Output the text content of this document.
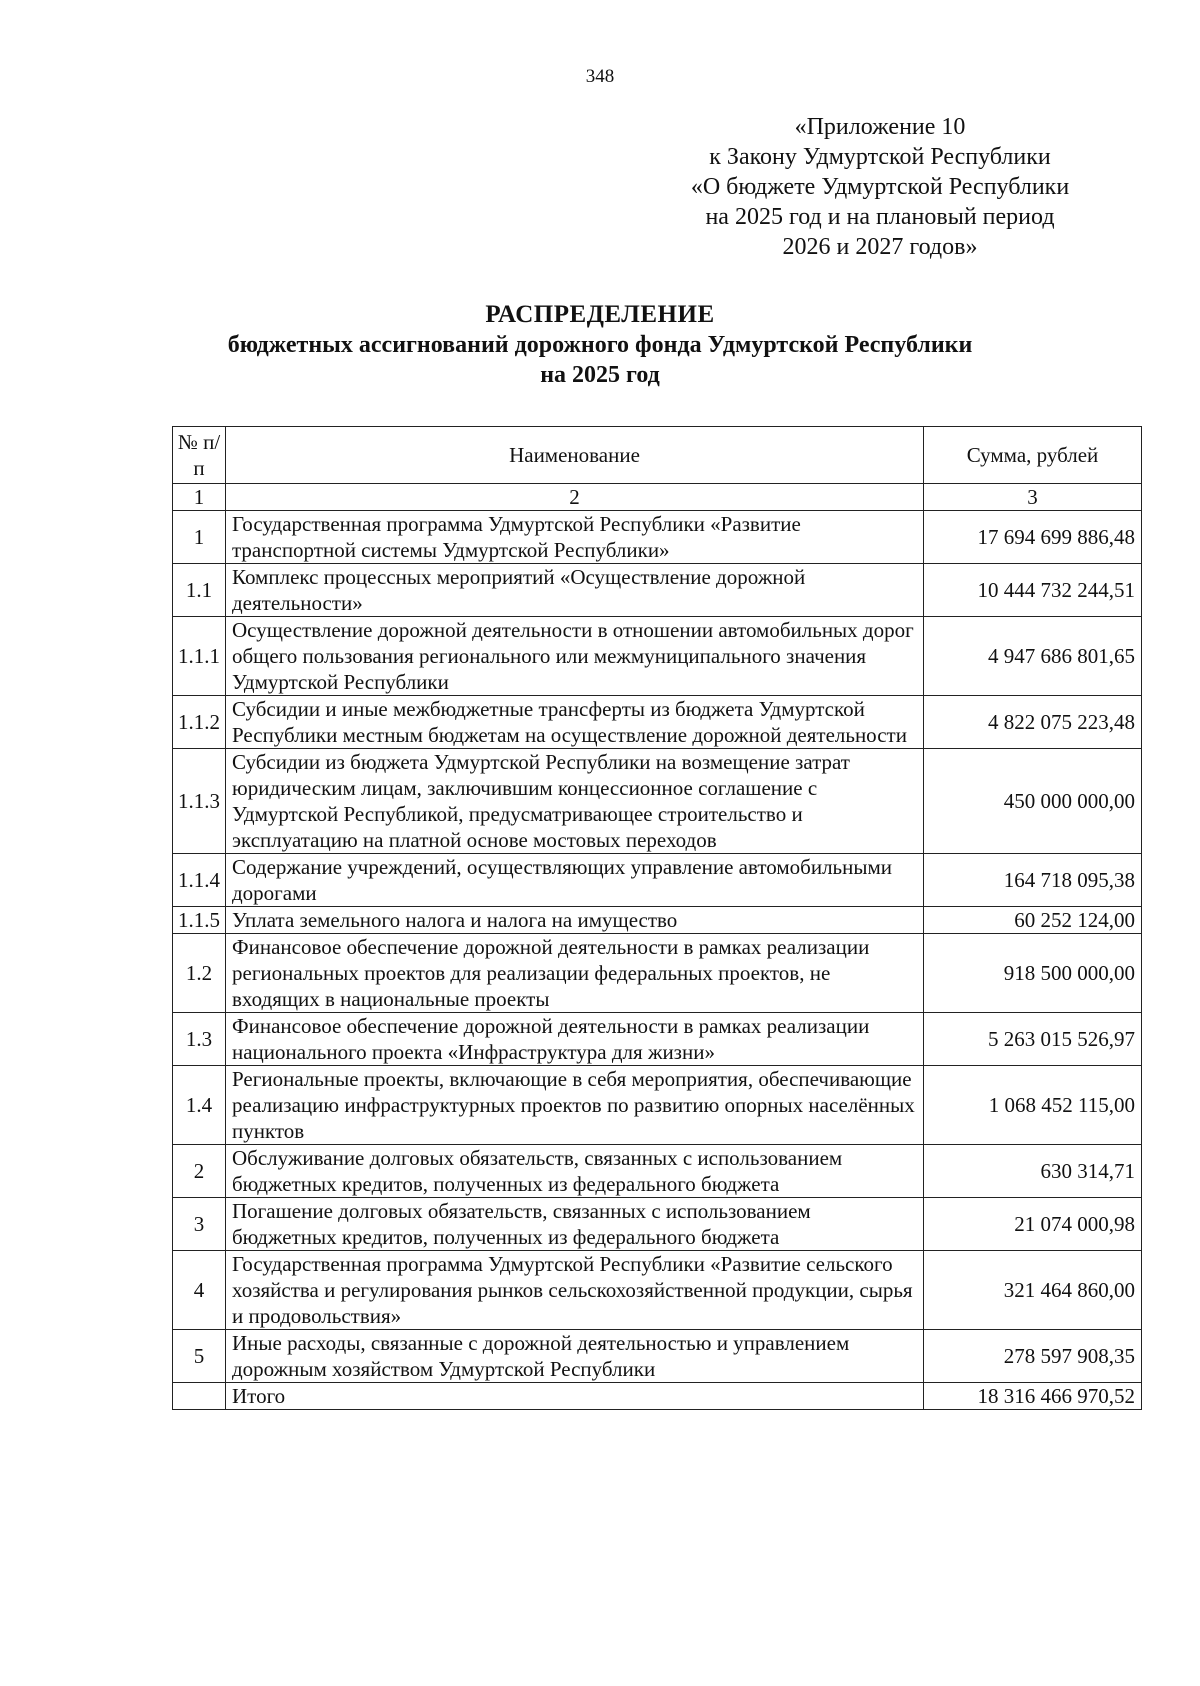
348
«Приложение 10
к Закону Удмуртской Республики
«О бюджете Удмуртской Республики
на 2025 год и на плановый период
2026 и 2027 годов»
РАСПРЕДЕЛЕНИЕ
бюджетных ассигнований дорожного фонда Удмуртской Республики
на 2025 год
№ п/п	Наименование	Сумма, рублей
1	2	3
1	Государственная программа Удмуртской Республики «Развитие транспортной системы Удмуртской Республики»	17 694 699 886,48
1.1	Комплекс процессных мероприятий «Осуществление дорожной деятельности»	10 444 732 244,51
1.1.1	Осуществление дорожной деятельности в отношении автомобильных дорог общего пользования регионального или межмуниципального значения Удмуртской Республики	4 947 686 801,65
1.1.2	Субсидии и иные межбюджетные трансферты из бюджета Удмуртской Республики местным бюджетам на осуществление дорожной деятельности	4 822 075 223,48
1.1.3	Субсидии из бюджета Удмуртской Республики на возмещение затрат юридическим лицам, заключившим концессионное соглашение с Удмуртской Республикой, предусматривающее строительство и эксплуатацию на платной основе мостовых переходов	450 000 000,00
1.1.4	Содержание учреждений, осуществляющих управление автомобильными дорогами	164 718 095,38
1.1.5	Уплата земельного налога и налога на имущество	60 252 124,00
1.2	Финансовое обеспечение дорожной деятельности в рамках реализации региональных проектов для реализации федеральных проектов, не входящих в национальные проекты	918 500 000,00
1.3	Финансовое обеспечение дорожной деятельности в рамках реализации национального проекта «Инфраструктура для жизни»	5 263 015 526,97
1.4	Региональные проекты, включающие в себя мероприятия, обеспечивающие реализацию инфраструктурных проектов по развитию опорных населённых пунктов	1 068 452 115,00
2	Обслуживание долговых обязательств, связанных с использованием бюджетных кредитов, полученных из федерального бюджета	630 314,71
3	Погашение долговых обязательств, связанных с использованием бюджетных кредитов, полученных из федерального бюджета	21 074 000,98
4	Государственная программа Удмуртской Республики «Развитие сельского хозяйства и регулирования рынков сельскохозяйственной продукции, сырья и продовольствия»	321 464 860,00
5	Иные расходы, связанные с дорожной деятельностью и управлением дорожным хозяйством Удмуртской Республики	278 597 908,35
	Итого	18 316 466 970,52
